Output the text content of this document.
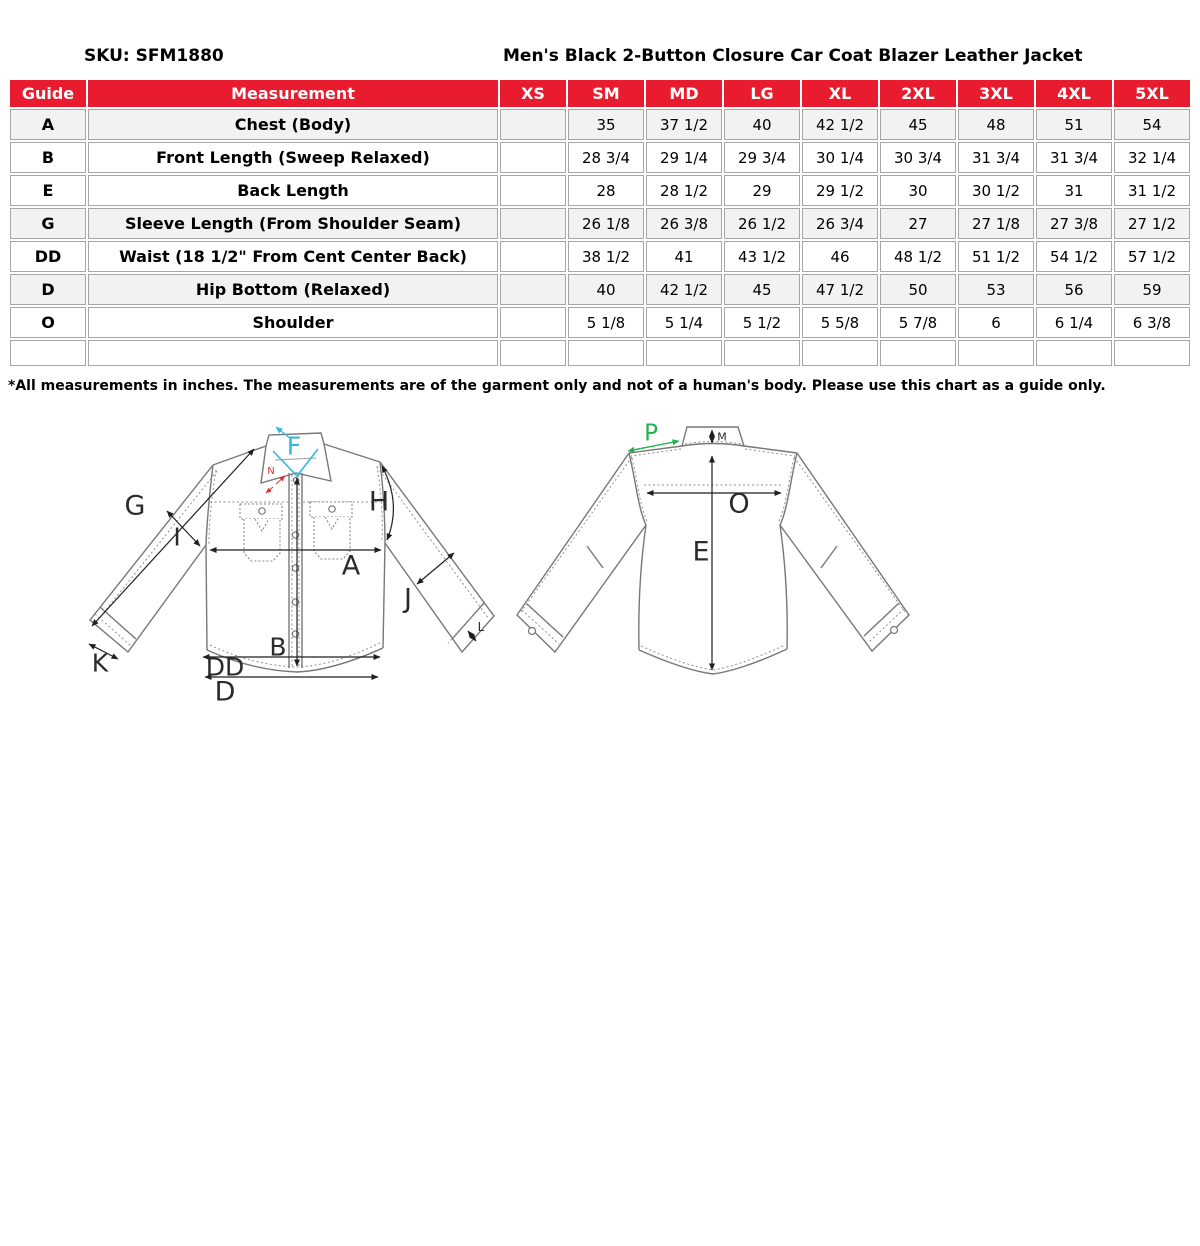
SKU: SFM1880	Men's Black 2-Button Closure Car Coat Blazer Leather Jacket
Guide	Measurement	XS	SM	MD	LG	XL	2XL	3XL	4XL	5XL
A	Chest (Body)		35	37 1/2	40	42 1/2	45	48	51	54
B	Front Length (Sweep Relaxed)		28 3/4	29 1/4	29 3/4	30 1/4	30 3/4	31 3/4	31 3/4	32 1/4
E	Back Length		28	28 1/2	29	29 1/2	30	30 1/2	31	31 1/2
G	Sleeve Length (From Shoulder Seam)		26 1/8	26 3/8	26 1/2	26 3/4	27	27 1/8	27 3/8	27 1/2
DD	Waist (18 1/2" From Cent Center Back)		38 1/2	41	43 1/2	46	48 1/2	51 1/2	54 1/2	57 1/2
D	Hip Bottom (Relaxed)		40	42 1/2	45	47 1/2	50	53	56	59
O	Shoulder		5 1/8	5 1/4	5 1/2	5 5/8	5 7/8	6	6 1/4	6 3/8

*All measurements in inches. The measurements are of the garment only and not of a human's body. Please use this chart as a guide only.
G
I
F
N
H
A
J
B
DD
D
K
L
P	M
O
E
